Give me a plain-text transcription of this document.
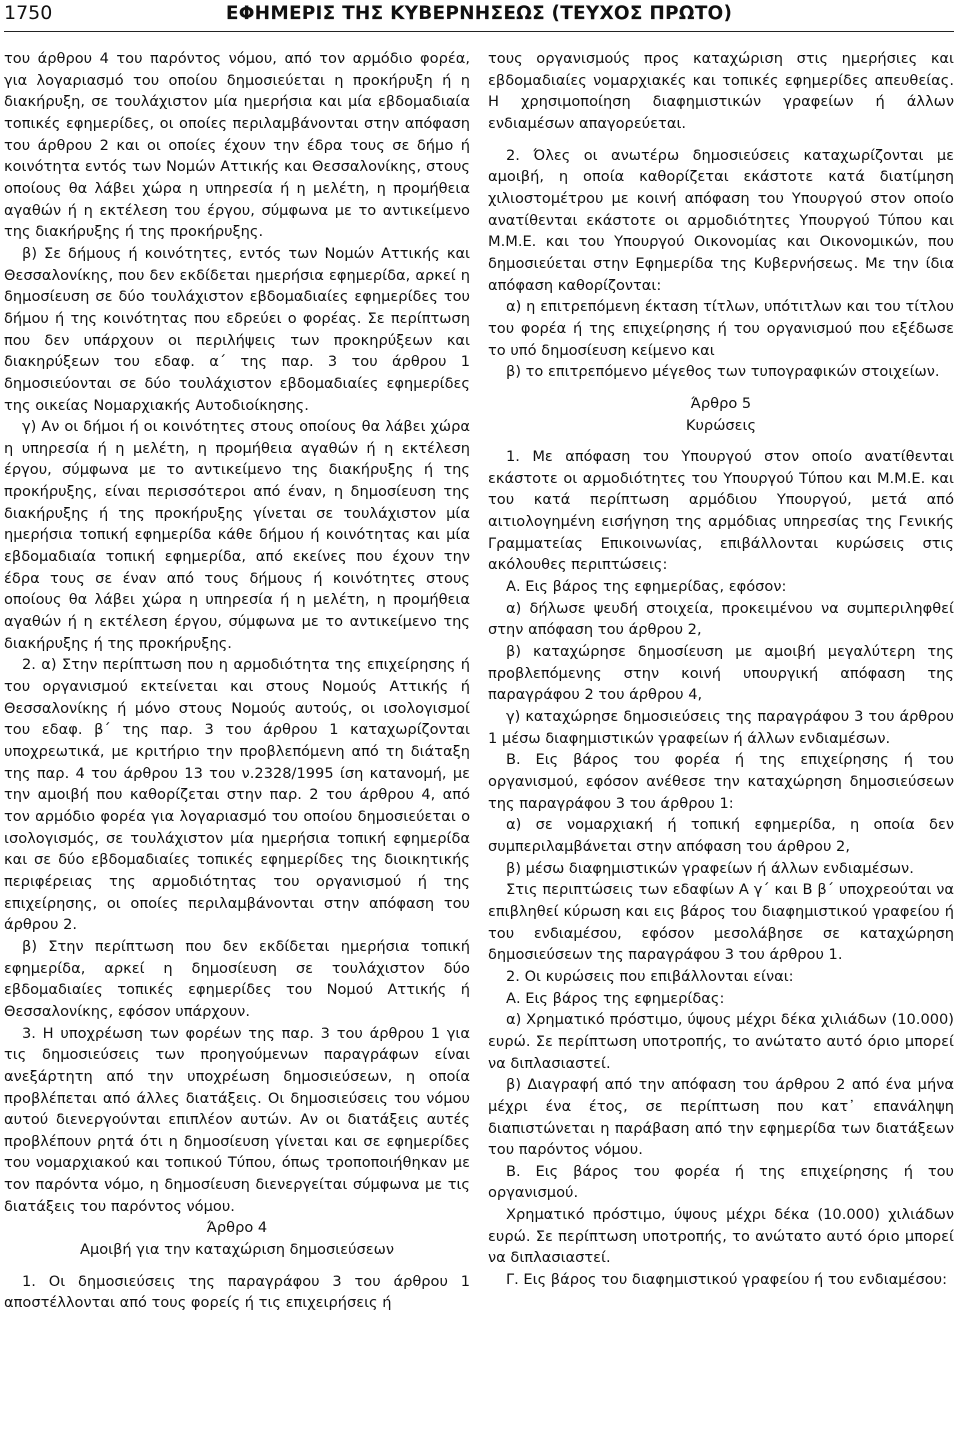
1750	ΕΦΗΜΕΡΙΣ ΤΗΣ ΚΥΒΕΡΝΗΣΕΩΣ (ΤΕΥΧΟΣ ΠΡΩΤΟ)

του άρθρου 4 του παρόντος νόμου, από τον αρμόδιο φορέα, για λογαριασμό του οποίου δημοσιεύεται η προκήρυξη ή η διακήρυξη, σε τουλάχιστον μία ημερήσια και μία εβδομαδιαία τοπικές εφημερίδες, οι οποίες περιλαμβάνονται στην απόφαση του άρθρου 2 και οι οποίες έχουν την έδρα τους σε δήμο ή κοινότητα εντός των Νομών Αττικής και Θεσσαλονίκης, στους οποίους θα λάβει χώρα η υπηρεσία ή η μελέτη, η προμήθεια αγαθών ή η εκτέλεση του έργου, σύμφωνα με το αντικείμενο της διακήρυξης ή της προκήρυξης.

β) Σε δήμους ή κοινότητες, εντός των Νομών Αττικής και Θεσσαλονίκης, που δεν εκδίδεται ημερήσια εφημερίδα, αρκεί η δημοσίευση σε δύο τουλάχιστον εβδομαδιαίες εφημερίδες του δήμου ή της κοινότητας που εδρεύει ο φορέας. Σε περίπτωση που δεν υπάρχουν οι περιλήψεις των προκηρύξεων και διακηρύξεων του εδαφ. α΄ της παρ. 3 του άρθρου 1 δημοσιεύονται σε δύο τουλάχιστον εβδομαδιαίες εφημερίδες της οικείας Νομαρχιακής Αυτοδιοίκησης.

γ) Αν οι δήμοι ή οι κοινότητες στους οποίους θα λάβει χώρα η υπηρεσία ή η μελέτη, η προμήθεια αγαθών ή η εκτέλεση έργου, σύμφωνα με το αντικείμενο της διακήρυξης ή της προκήρυξης, είναι περισσότεροι από έναν, η δημοσίευση της διακήρυξης ή της προκήρυξης γίνεται σε τουλάχιστον μία ημερήσια τοπική εφημερίδα κάθε δήμου ή κοινότητας και μία εβδομαδιαία τοπική εφημερίδα, από εκείνες που έχουν την έδρα τους σε έναν από τους δήμους ή κοινότητες στους οποίους θα λάβει χώρα η υπηρεσία ή η μελέτη, η προμήθεια αγαθών ή η εκτέλεση έργου, σύμφωνα με το αντικείμενο της διακήρυξης ή της προκήρυξης.

2. α) Στην περίπτωση που η αρμοδιότητα της επιχείρησης ή του οργανισμού εκτείνεται και στους Νομούς Αττικής ή Θεσσαλονίκης ή μόνο στους Νομούς αυτούς, οι ισολογισμοί του εδαφ. β΄ της παρ. 3 του άρθρου 1 καταχωρίζονται υποχρεωτικά, με κριτήριο την προβλεπόμενη από τη διάταξη της παρ. 4 του άρθρου 13 του ν.2328/1995 ίση κατανομή, με την αμοιβή που καθορίζεται στην παρ. 2 του άρθρου 4, από τον αρμόδιο φορέα για λογαριασμό του οποίου δημοσιεύεται ο ισολογισμός, σε τουλάχιστον μία ημερήσια τοπική εφημερίδα και σε δύο εβδομαδιαίες τοπικές εφημερίδες της διοικητικής περιφέρειας της αρμοδιότητας του οργανισμού ή της επιχείρησης, οι οποίες περιλαμβάνονται στην απόφαση του άρθρου 2.

β) Στην περίπτωση που δεν εκδίδεται ημερήσια τοπική εφημερίδα, αρκεί η δημοσίευση σε τουλάχιστον δύο εβδομαδιαίες τοπικές εφημερίδες του Νομού Αττικής ή Θεσσαλονίκης, εφόσον υπάρχουν.

3. Η υποχρέωση των φορέων της παρ. 3 του άρθρου 1 για τις δημοσιεύσεις των προηγούμενων παραγράφων είναι ανεξάρτητη από την υποχρέωση δημοσιεύσεων, η οποία προβλέπεται από άλλες διατάξεις. Οι δημοσιεύσεις του νόμου αυτού διενεργούνται επιπλέον αυτών. Αν οι διατάξεις αυτές προβλέπουν ρητά ότι η δημοσίευση γίνεται και σε εφημερίδες του νομαρχιακού και τοπικού Τύπου, όπως τροποποιήθηκαν με τον παρόντα νόμο, η δημοσίευση διενεργείται σύμφωνα με τις διατάξεις του παρόντος νόμου.

Άρθρο 4

Αμοιβή για την καταχώριση δημοσιεύσεων

1. Οι δημοσιεύσεις της παραγράφου 3 του άρθρου 1 αποστέλλονται από τους φορείς ή τις επιχειρήσεις ή

τους οργανισμούς προς καταχώριση στις ημερήσιες και εβδομαδιαίες νομαρχιακές και τοπικές εφημερίδες απευθείας. Η χρησιμοποίηση διαφημιστικών γραφείων ή άλλων ενδιαμέσων απαγορεύεται.

2. Όλες οι ανωτέρω δημοσιεύσεις καταχωρίζονται με αμοιβή, η οποία καθορίζεται εκάστοτε κατά διατίμηση χιλιοστομέτρου με κοινή απόφαση του Υπουργού στον οποίο ανατίθενται εκάστοτε οι αρμοδιότητες Υπουργού Τύπου και Μ.Μ.Ε. και του Υπουργού Οικονομίας και Οικονομικών, που δημοσιεύεται στην Εφημερίδα της Κυβερνήσεως. Με την ίδια απόφαση καθορίζονται:

α) η επιτρεπόμενη έκταση τίτλων, υπότιτλων και του τίτλου του φορέα ή της επιχείρησης ή του οργανισμού που εξέδωσε το υπό δημοσίευση κείμενο και

β) το επιτρεπόμενο μέγεθος των τυπογραφικών στοιχείων.

Άρθρο 5

Κυρώσεις

1. Με απόφαση του Υπουργού στον οποίο ανατίθενται εκάστοτε οι αρμοδιότητες του Υπουργού Τύπου και Μ.Μ.Ε. και του κατά περίπτωση αρμόδιου Υπουργού, μετά από αιτιολογημένη εισήγηση της αρμόδιας υπηρεσίας της Γενικής Γραμματείας Επικοινωνίας, επιβάλλονται κυρώσεις στις ακόλουθες περιπτώσεις:

Α. Εις βάρος της εφημερίδας, εφόσον:

α) δήλωσε ψευδή στοιχεία, προκειμένου να συμπεριληφθεί στην απόφαση του άρθρου 2,

β) καταχώρησε δημοσίευση με αμοιβή μεγαλύτερη της προβλεπόμενης στην κοινή υπουργική απόφαση της παραγράφου 2 του άρθρου 4,

γ) καταχώρησε δημοσιεύσεις της παραγράφου 3 του άρθρου 1 μέσω διαφημιστικών γραφείων ή άλλων ενδιαμέσων.

Β. Εις βάρος του φορέα ή της επιχείρησης ή του οργανισμού, εφόσον ανέθεσε την καταχώρηση δημοσιεύσεων της παραγράφου 3 του άρθρου 1:

α) σε νομαρχιακή ή τοπική εφημερίδα, η οποία δεν συμπεριλαμβάνεται στην απόφαση του άρθρου 2,

β) μέσω διαφημιστικών γραφείων ή άλλων ενδιαμέσων.

Στις περιπτώσεις των εδαφίων Α γ΄ και Β β΄ υποχρεούται να επιβληθεί κύρωση και εις βάρος του διαφημιστικού γραφείου ή του ενδιαμέσου, εφόσον μεσολάβησε σε καταχώρηση δημοσιεύσεων της παραγράφου 3 του άρθρου 1.

2. Οι κυρώσεις που επιβάλλονται είναι:

Α. Εις βάρος της εφημερίδας:

α) Χρηματικό πρόστιμο, ύψους μέχρι δέκα χιλιάδων (10.000) ευρώ. Σε περίπτωση υποτροπής, το ανώτατο αυτό όριο μπορεί να διπλασιαστεί.

β) Διαγραφή από την απόφαση του άρθρου 2 από ένα μήνα μέχρι ένα έτος, σε περίπτωση που κατ᾽ επανάληψη διαπιστώνεται η παράβαση από την εφημερίδα των διατάξεων του παρόντος νόμου.

Β. Εις βάρος του φορέα ή της επιχείρησης ή του οργανισμού.

Χρηματικό πρόστιμο, ύψους μέχρι δέκα (10.000) χιλιάδων ευρώ. Σε περίπτωση υποτροπής, το ανώτατο αυτό όριο μπορεί να διπλασιαστεί.

Γ. Εις βάρος του διαφημιστικού γραφείου ή του ενδιαμέσου:
